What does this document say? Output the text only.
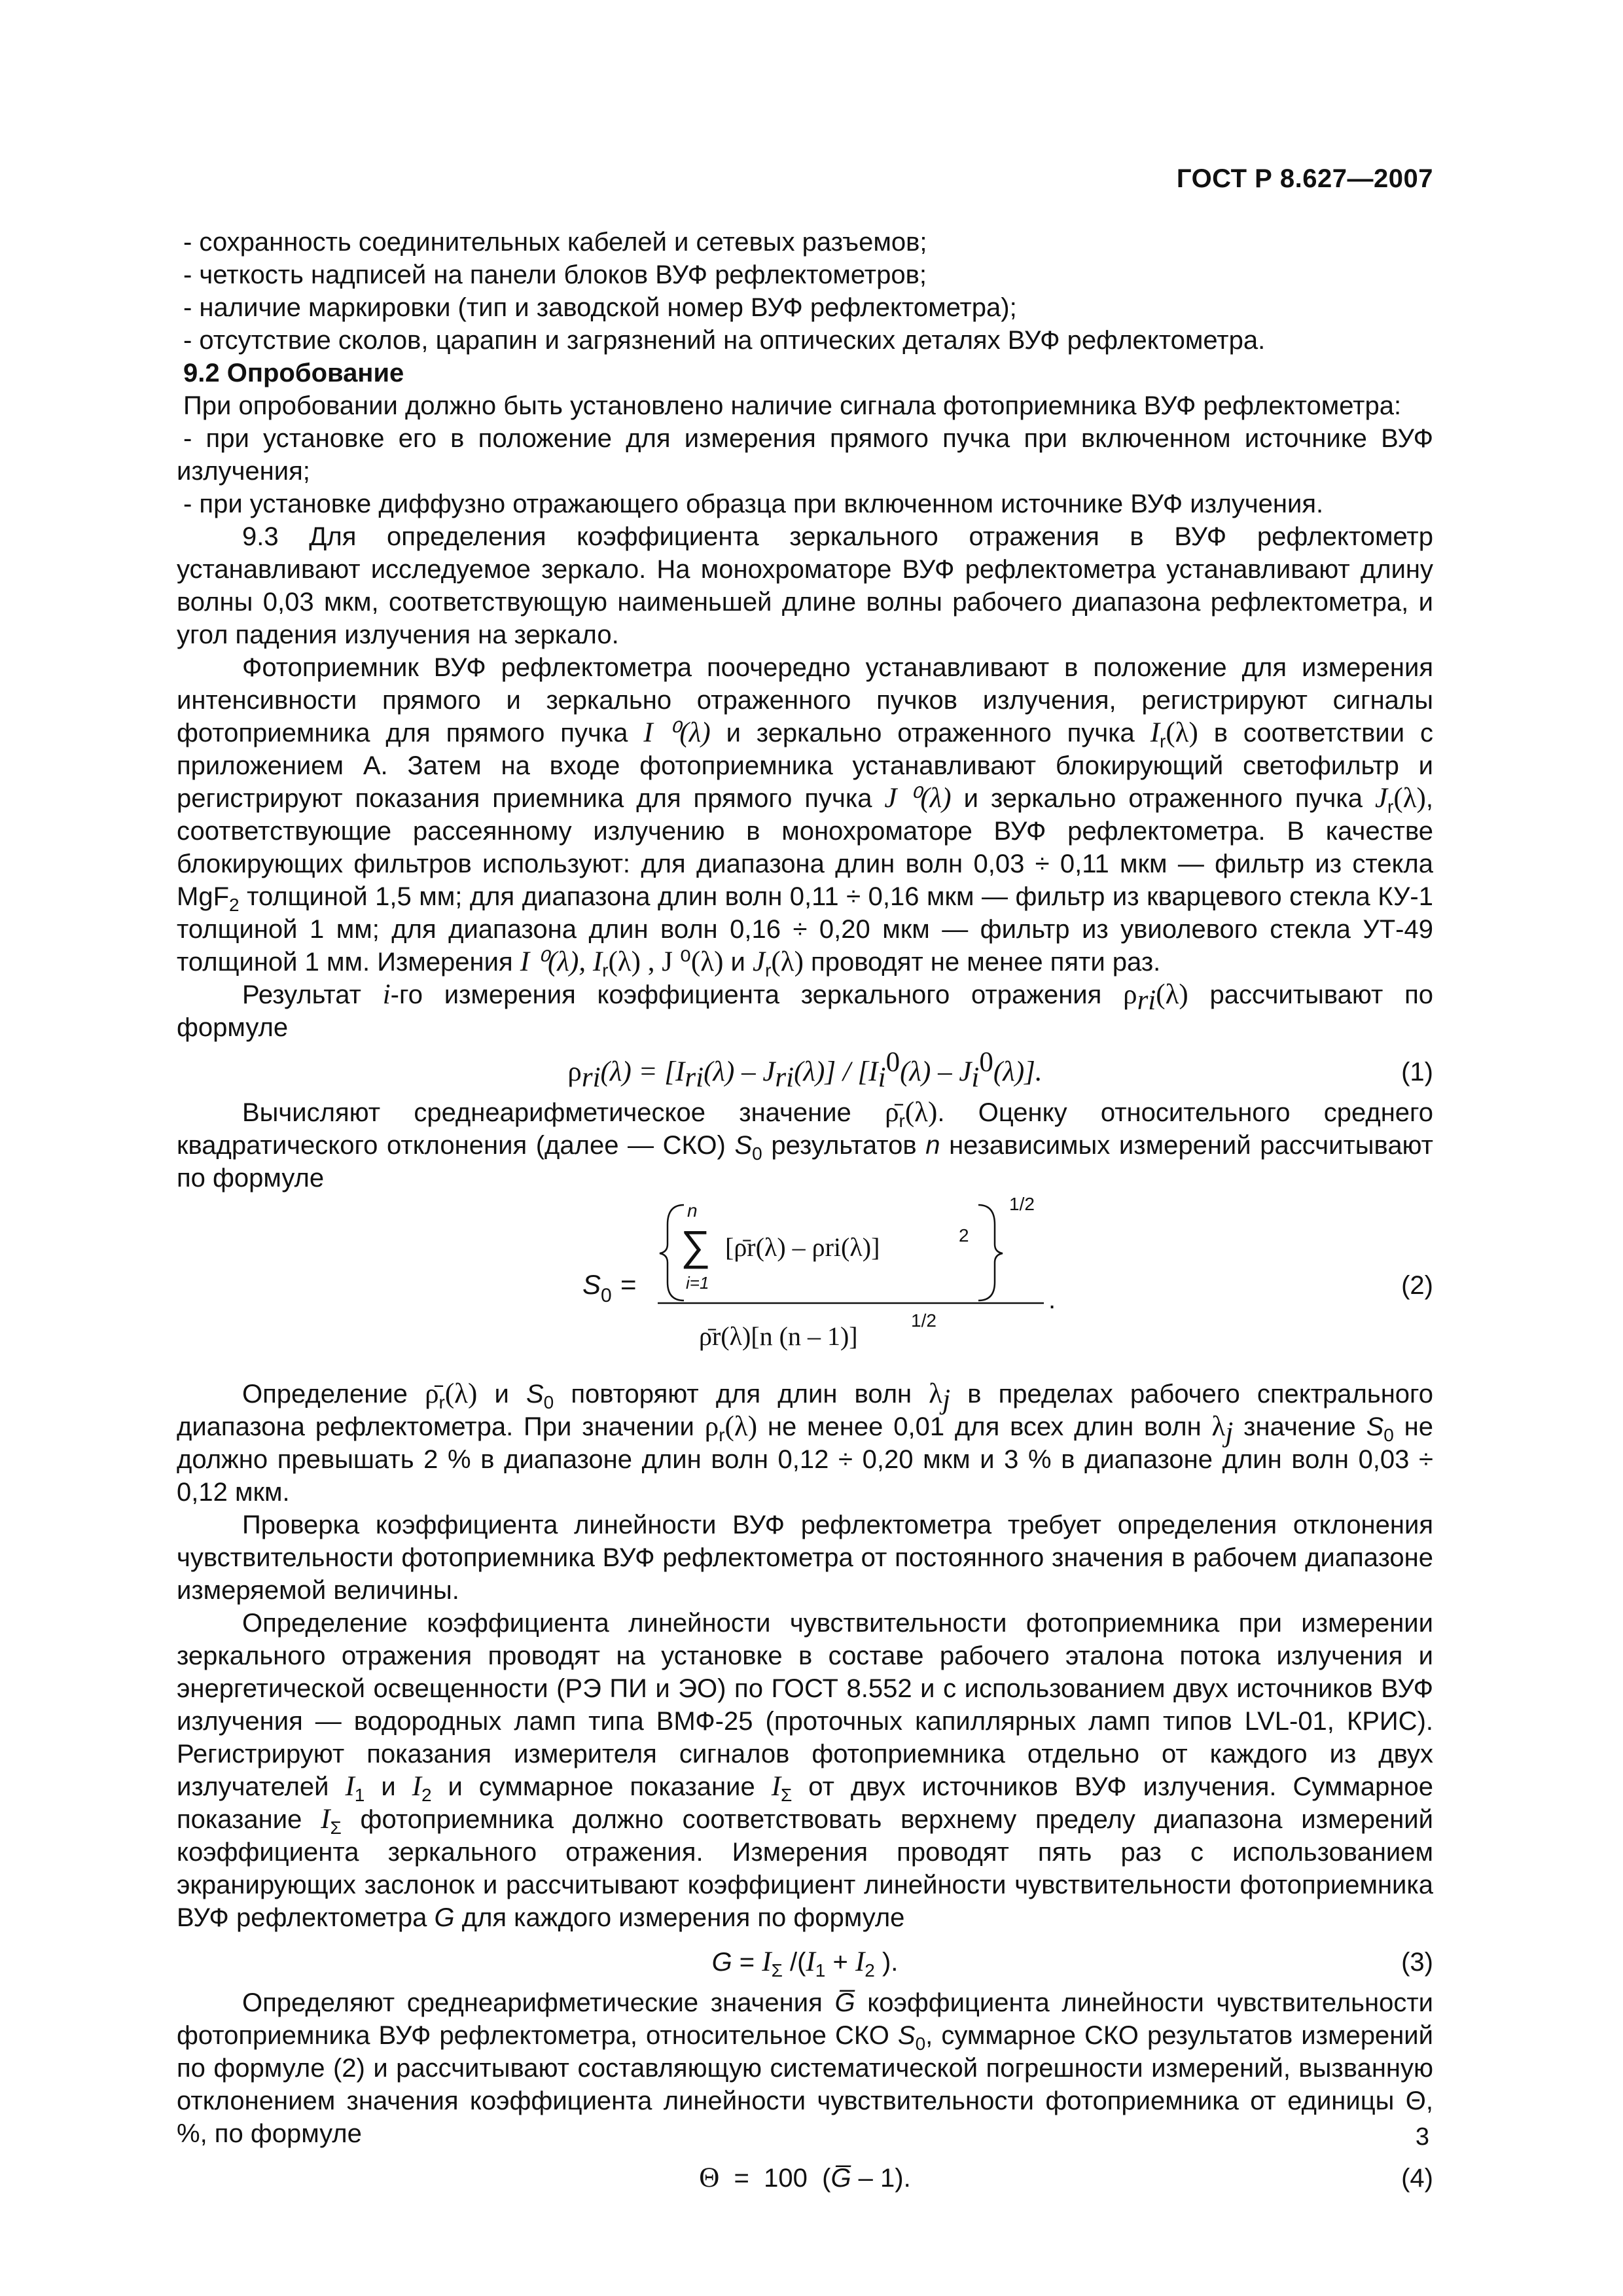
ГОСТ Р 8.627—2007

- сохранность соединительных кабелей и сетевых разъемов;

- четкость надписей на панели блоков ВУФ рефлектометров;

- наличие маркировки (тип и заводской номер ВУФ рефлектометра);

- отсутствие сколов, царапин и загрязнений на оптических деталях ВУФ рефлектометра.

9.2 Опробование

При опробовании должно быть установлено наличие сигнала фотоприемника ВУФ рефлектометра:

- при установке его в положение для измерения прямого пучка при включенном источнике ВУФ излучения;

- при установке диффузно отражающего образца при включенном источнике ВУФ излучения.

9.3 Для определения коэффициента зеркального отражения в ВУФ рефлектометр устанавливают исследуемое зеркало. На монохроматоре ВУФ рефлектометра устанавливают длину волны 0,03 мкм, соответствующую наименьшей длине волны рабочего диапазона рефлектометра, и угол падения излучения на зеркало.

Фотоприемник ВУФ рефлектометра поочередно устанавливают в положение для измерения интенсивности прямого и зеркально отраженного пучков излучения, регистрируют сигналы фотоприемника для прямого пучка I ⁰(λ) и зеркально отраженного пучка $I_r(\lambda)$ в соответствии с приложением А. Затем на входе фотоприемника устанавливают блокирующий светофильтр и регистрируют показания приемника для прямого пучка J ⁰(λ) и зеркально отраженного пучка $J_r(\lambda)$, соответствующие рассеянному излучению в монохроматоре ВУФ рефлектометра. В качестве блокирующих фильтров используют: для диапазона длин волн 0,03 ÷ 0,11 мкм — фильтр из стекла MgF$_2$ толщиной 1,5 мм; для диапазона длин волн 0,11 ÷ 0,16 мкм — фильтр из кварцевого стекла КУ-1 толщиной 1 мм; для диапазона длин волн 0,16 ÷ 0,20 мкм — фильтр из увиолевого стекла УТ-49 толщиной 1 мм. Измерения I ⁰(λ), $I_r(\lambda)$ , J ⁰(λ) и $J_r(\lambda)$ проводят не менее пяти раз.

Результат i-го измерения коэффициента зеркального отражения $\rho_{ri}(\lambda)$ рассчитывают по формуле

$\rho_{ri}(\lambda) = [I_{ri}(\lambda) - J_{ri}(\lambda)] / [I_i^0(\lambda) - J_i^0(\lambda)]$.	(1)

Вычисляют среднеарифметическое значение $\rhō_r(\lambda)$. Оценку относительного среднего квадратического отклонения (далее — СКО) $S_0$ результатов n независимых измерений рассчитывают по формуле

S 0 =
n
∑
i=1
[ρ̄r(λ) – ρri(λ)]	2
1/2
ρ̄r(λ)[n (n – 1)]
1/2
.	(2)

Определение $\rhō_r(\lambda)$ и $S_0$ повторяют для длин волн $\lambda_j$ в пределах рабочего спектрального диапазона рефлектометра. При значении $\rho_r(\lambda)$ не менее 0,01 для всех длин волн $\lambda_j$ значение $S_0$ не должно превышать 2 % в диапазоне длин волн 0,12 ÷ 0,20 мкм и 3 % в диапазоне длин волн 0,03 ÷ 0,12 мкм.

Проверка коэффициента линейности ВУФ рефлектометра требует определения отклонения чувствительности фотоприемника ВУФ рефлектометра от постоянного значения в рабочем диапазоне измеряемой величины.

Определение коэффициента линейности чувствительности фотоприемника при измерении зеркального отражения проводят на установке в составе рабочего эталона потока излучения и энергетической освещенности (РЭ ПИ и ЭО) по ГОСТ 8.552 и с использованием двух источников ВУФ излучения — водородных ламп типа ВМФ-25 (проточных капиллярных ламп типов LVL-01, КРИС). Регистрируют показания измерителя сигналов фотоприемника отдельно от каждого из двух излучателей $I_1$ и $I_2$ и суммарное показание $I_\Sigma$ от двух источников ВУФ излучения. Суммарное показание $I_\Sigma$ фотоприемника должно соответствовать верхнему пределу диапазона измерений коэффициента зеркального отражения. Измерения проводят пять раз с использованием экранирующих заслонок и рассчитывают коэффициент линейности чувствительности фотоприемника ВУФ рефлектометра G для каждого измерения по формуле

$G = I_\Sigma$ $/(I_1 + I_2$ ).	(3)

Определяют среднеарифметические значения G̅ коэффициента линейности чувствительности фотоприемника ВУФ рефлектометра, относительное СКО $S_0$, суммарное СКО результатов измерений по формуле (2) и рассчитывают составляющую систематической погрешности измерений, вызванную отклонением значения коэффициента линейности чувствительности фотоприемника от единицы Θ, %, по формуле

Θ  =  100  (G̅ – 1).	(4)
3
